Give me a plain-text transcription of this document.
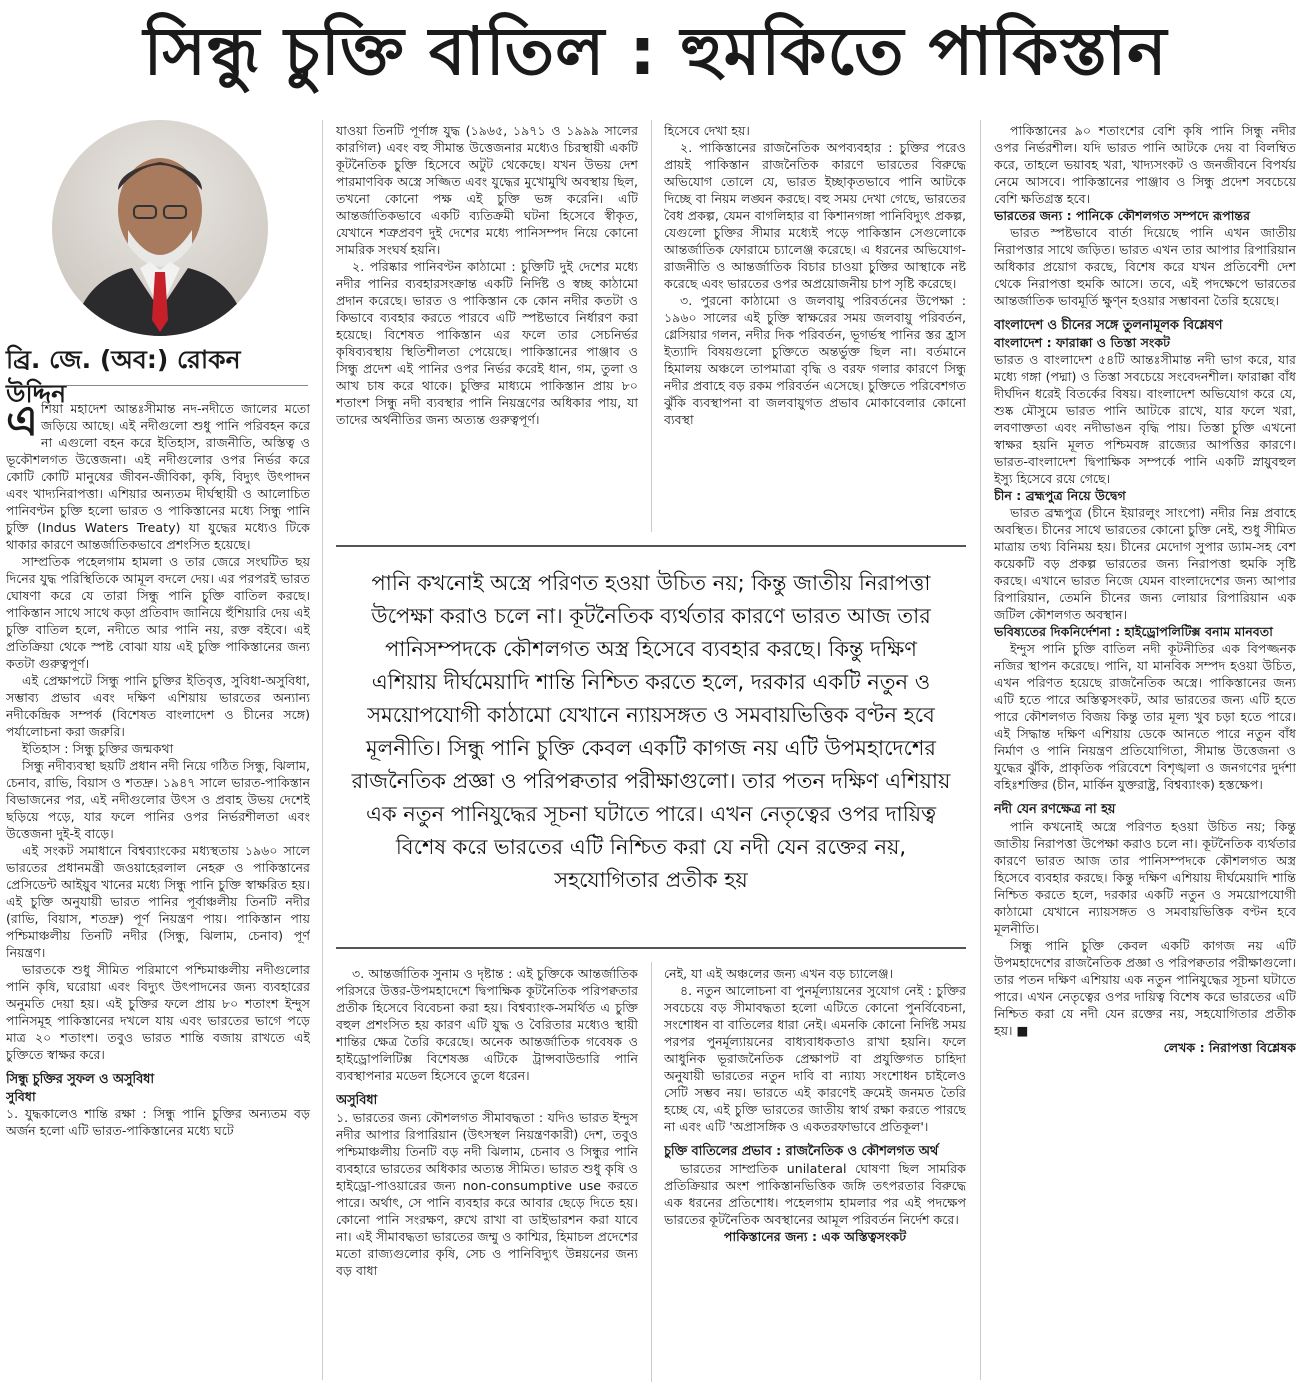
সিন্ধু চুক্তি বাতিল : হুমকিতে পাকিস্তান
ব্রি. জে. (অব:) রোকন উদ্দিন

এশিয়া মহাদেশ আন্তঃসীমান্ত নদ-নদীতে জালের মতো জড়িয়ে আছে। এই নদীগুলো শুধু পানি পরিবহন করে না এগুলো বহন করে ইতিহাস, রাজনীতি, অস্তিত্ব ও ভূকৌশলগত উত্তেজনা। এই নদীগুলোর ওপর নির্ভর করে কোটি কোটি মানুষের জীবন-জীবিকা, কৃষি, বিদ্যুৎ উৎপাদন এবং খাদ্যনিরাপত্তা। এশিয়ার অন্যতম দীর্ঘস্থায়ী ও আলোচিত পানিবণ্টন চুক্তি হলো ভারত ও পাকিস্তানের মধ্যে সিন্ধু পানি চুক্তি (Indus Waters Treaty) যা যুদ্ধের মধ্যেও টিকে থাকার কারণে আন্তর্জাতিকভাবে প্রশংসিত হয়েছে।

সাম্প্রতিক পহেলগাম হামলা ও তার জেরে সংঘটিত ছয় দিনের যুদ্ধ পরিস্থিতিকে আমূল বদলে দেয়। এর পরপরই ভারত ঘোষণা করে যে তারা সিন্ধু পানি চুক্তি বাতিল করছে। পাকিস্তান সাথে সাথে কড়া প্রতিবাদ জানিয়ে হুঁশিয়ারি দেয় এই চুক্তি বাতিল হলে, নদীতে আর পানি নয়, রক্ত বইবে। এই প্রতিক্রিয়া থেকে স্পষ্ট বোঝা যায় এই চুক্তি পাকিস্তানের জন্য কতটা গুরুত্বপূর্ণ।

এই প্রেক্ষাপটে সিন্ধু পানি চুক্তির ইতিবৃত্ত, সুবিধা-অসুবিধা, সম্ভাব্য প্রভাব এবং দক্ষিণ এশিয়ায় ভারতের অন্যান্য নদীকেন্দ্রিক সম্পর্ক (বিশেষত বাংলাদেশ ও চীনের সঙ্গে) পর্যালোচনা করা জরুরি।

ইতিহাস : সিন্ধু চুক্তির জন্মকথা

সিন্ধু নদীব্যবস্থা ছয়টি প্রধান নদী নিয়ে গঠিত সিন্ধু, ঝিলাম, চেনাব, রাভি, বিয়াস ও শতদ্রু। ১৯৪৭ সালে ভারত-পাকিস্তান বিভাজনের পর, এই নদীগুলোর উৎস ও প্রবাহ উভয় দেশেই ছড়িয়ে পড়ে, যার ফলে পানির ওপর নির্ভরশীলতা এবং উত্তেজনা দুই-ই বাড়ে।

এই সংকট সমাধানে বিশ্বব্যাংকের মধ্যস্থতায় ১৯৬০ সালে ভারতের প্রধানমন্ত্রী জওয়াহেরলাল নেহরু ও পাকিস্তানের প্রেসিডেন্ট আইয়ুব খানের মধ্যে সিন্ধু পানি চুক্তি স্বাক্ষরিত হয়। এই চুক্তি অনুযায়ী ভারত পানির পূর্বাঞ্চলীয় তিনটি নদীর (রাভি, বিয়াস, শতদ্রু) পূর্ণ নিয়ন্ত্রণ পায়। পাকিস্তান পায় পশ্চিমাঞ্চলীয় তিনটি নদীর (সিন্ধু, ঝিলাম, চেনাব) পূর্ণ নিয়ন্ত্রণ।

ভারতকে শুধু সীমিত পরিমাণে পশ্চিমাঞ্চলীয় নদীগুলোর পানি কৃষি, ঘরোয়া এবং বিদ্যুৎ উৎপাদনের জন্য ব্যবহারের অনুমতি দেয়া হয়। এই চুক্তির ফলে প্রায় ৮০ শতাংশ ইন্দুস পানিসমূহ পাকিস্তানের দখলে যায় এবং ভারতের ভাগে পড়ে মাত্র ২০ শতাংশ। তবুও ভারত শান্তি বজায় রাখতে এই চুক্তিতে স্বাক্ষর করে।

সিন্ধু চুক্তির সুফল ও অসুবিধা

সুবিধা

১. যুদ্ধকালেও শান্তি রক্ষা : সিন্ধু পানি চুক্তির অন্যতম বড় অর্জন হলো এটি ভারত-পাকিস্তানের মধ্যে ঘটে

যাওয়া তিনটি পূর্ণাঙ্গ যুদ্ধ (১৯৬৫, ১৯৭১ ও ১৯৯৯ সালের কারগিল) এবং বহু সীমান্ত উত্তেজনার মধ্যেও চিরস্থায়ী একটি কূটনৈতিক চুক্তি হিসেবে অটুট থেকেছে। যখন উভয় দেশ পারমাণবিক অস্ত্রে সজ্জিত এবং যুদ্ধের মুখোমুখি অবস্থায় ছিল, তখনো কোনো পক্ষ এই চুক্তি ভঙ্গ করেনি। এটি আন্তর্জাতিকভাবে একটি ব্যতিক্রমী ঘটনা হিসেবে স্বীকৃত, যেখানে শত্রুপ্রবণ দুই দেশের মধ্যে পানিসম্পদ নিয়ে কোনো সামরিক সংঘর্ষ হয়নি।

২. পরিষ্কার পানিবণ্টন কাঠামো : চুক্তিটি দুই দেশের মধ্যে নদীর পানির ব্যবহারসংক্রান্ত একটি নির্দিষ্ট ও স্বচ্ছ কাঠামো প্রদান করেছে। ভারত ও পাকিস্তান কে কোন নদীর কতটা ও কিভাবে ব্যবহার করতে পারবে এটি স্পষ্টভাবে নির্ধারণ করা হয়েছে। বিশেষত পাকিস্তান এর ফলে তার সেচনির্ভর কৃষিব্যবস্থায় স্থিতিশীলতা পেয়েছে। পাকিস্তানের পাঞ্জাব ও সিন্ধু প্রদেশ এই পানির ওপর নির্ভর করেই ধান, গম, তুলা ও আখ চাষ করে থাকে। চুক্তির মাধ্যমে পাকিস্তান প্রায় ৮০ শতাংশ সিন্ধু নদী ব্যবস্থার পানি নিয়ন্ত্রণের অধিকার পায়, যা তাদের অর্থনীতির জন্য অত্যন্ত গুরুত্বপূর্ণ।

হিসেবে দেখা হয়।

২. পাকিস্তানের রাজনৈতিক অপব্যবহার : চুক্তির পরেও প্রায়ই পাকিস্তান রাজনৈতিক কারণে ভারতের বিরুদ্ধে অভিযোগ তোলে যে, ভারত ইচ্ছাকৃতভাবে পানি আটকে দিচ্ছে বা নিয়ম লঙ্ঘন করছে। বহু সময় দেখা গেছে, ভারতের বৈধ প্রকল্প, যেমন বাগলিহার বা কিশানগঙ্গা পানিবিদ্যুৎ প্রকল্প, যেগুলো চুক্তির সীমার মধ্যেই পড়ে পাকিস্তান সেগুলোকে আন্তর্জাতিক ফোরামে চ্যালেঞ্জ করেছে। এ ধরনের অভিযোগ-রাজনীতি ও আন্তর্জাতিক বিচার চাওয়া চুক্তির আস্থাকে নষ্ট করেছে এবং ভারতের ওপর অপ্রয়োজনীয় চাপ সৃষ্টি করেছে।

৩. পুরনো কাঠামো ও জলবায়ু পরিবর্তনের উপেক্ষা : ১৯৬০ সালের এই চুক্তি স্বাক্ষরের সময় জলবায়ু পরিবর্তন, গ্লেসিয়ার গলন, নদীর দিক পরিবর্তন, ভূগর্ভস্থ পানির স্তর হ্রাস ইত্যাদি বিষয়গুলো চুক্তিতে অন্তর্ভুক্ত ছিল না। বর্তমানে হিমালয় অঞ্চলে তাপমাত্রা বৃদ্ধি ও বরফ গলার কারণে সিন্ধু নদীর প্রবাহে বড় রকম পরিবর্তন এসেছে। চুক্তিতে পরিবেশগত ঝুঁকি ব্যবস্থাপনা বা জলবায়ুগত প্রভাব মোকাবেলার কোনো ব্যবস্থা

পানি কখনোই অস্ত্রে পরিণত হওয়া উচিত নয়; কিন্তু জাতীয় নিরাপত্তা উপেক্ষা করাও চলে না। কূটনৈতিক ব্যর্থতার কারণে ভারত আজ তার পানিসম্পদকে কৌশলগত অস্ত্র হিসেবে ব্যবহার করছে। কিন্তু দক্ষিণ এশিয়ায় দীর্ঘমেয়াদি শান্তি নিশ্চিত করতে হলে, দরকার একটি নতুন ও সময়োপযোগী কাঠামো যেখানে ন্যায়সঙ্গত ও সমবায়ভিত্তিক বণ্টন হবে মূলনীতি। সিন্ধু পানি চুক্তি কেবল একটি কাগজ নয় এটি উপমহাদেশের রাজনৈতিক প্রজ্ঞা ও পরিপক্বতার পরীক্ষাগুলো। তার পতন দক্ষিণ এশিয়ায় এক নতুন পানিযুদ্ধের সূচনা ঘটাতে পারে। এখন নেতৃত্বের ওপর দায়িত্ব বিশেষ করে ভারতের এটি নিশ্চিত করা যে নদী যেন রক্তের নয়, সহযোগিতার প্রতীক হয়

৩. আন্তর্জাতিক সুনাম ও দৃষ্টান্ত : এই চুক্তিকে আন্তর্জাতিক পরিসরে উত্তর-উপমহাদেশে দ্বিপাক্ষিক কূটনৈতিক পরিপক্বতার প্রতীক হিসেবে বিবেচনা করা হয়। বিশ্বব্যাংক-সমর্থিত এ চুক্তি বহুল প্রশংসিত হয় কারণ এটি যুদ্ধ ও বৈরিতার মধ্যেও স্থায়ী শান্তির ক্ষেত্র তৈরি করেছে। অনেক আন্তর্জাতিক গবেষক ও হাইড্রোপলিটিক্স বিশেষজ্ঞ এটিকে ট্রান্সবাউন্ডারি পানি ব্যবস্থাপনার মডেল হিসেবে তুলে ধরেন।

অসুবিধা

১. ভারতের জন্য কৌশলগত সীমাবদ্ধতা : যদিও ভারত ইন্দুস নদীর আপার রিপারিয়ান (উৎসস্থল নিয়ন্ত্রণকারী) দেশ, তবুও পশ্চিমাঞ্চলীয় তিনটি বড় নদী ঝিলাম, চেনাব ও সিন্ধুর পানি ব্যবহারে ভারতের অধিকার অত্যন্ত সীমিত। ভারত শুধু কৃষি ও হাইড্রো-পাওয়ারের জন্য non-consumptive use করতে পারে। অর্থাৎ, সে পানি ব্যবহার করে আবার ছেড়ে দিতে হয়। কোনো পানি সংরক্ষণ, রুখে রাখা বা ডাইভারশন করা যাবে না। এই সীমাবদ্ধতা ভারতের জম্মু ও কাশ্মির, হিমাচল প্রদেশের মতো রাজ্যগুলোর কৃষি, সেচ ও পানিবিদ্যুৎ উন্নয়নের জন্য বড় বাধা

নেই, যা এই অঞ্চলের জন্য এখন বড় চ্যালেঞ্জ।

৪. নতুন আলোচনা বা পুনর্মূল্যায়নের সুযোগ নেই : চুক্তির সবচেয়ে বড় সীমাবদ্ধতা হলো এটিতে কোনো পুনর্বিবেচনা, সংশোধন বা বাতিলের ধারা নেই। এমনকি কোনো নির্দিষ্ট সময় পরপর পুনর্মূল্যায়নের বাধ্যবাধকতাও রাখা হয়নি। ফলে আধুনিক ভূরাজনৈতিক প্রেক্ষাপট বা প্রযুক্তিগত চাহিদা অনুযায়ী ভারতের নতুন দাবি বা ন্যায্য সংশোধন চাইলেও সেটি সম্ভব নয়। ভারতে এই কারণেই ক্রমেই জনমত তৈরি হচ্ছে যে, এই চুক্তি ভারতের জাতীয় স্বার্থ রক্ষা করতে পারছে না এবং এটি 'অপ্রাসঙ্গিক ও একতরফাভাবে প্রতিকূল'।

চুক্তি বাতিলের প্রভাব : রাজনৈতিক ও কৌশলগত অর্থ

ভারতের সাম্প্রতিক unilateral ঘোষণা ছিল সামরিক প্রতিক্রিয়ার অংশ পাকিস্তানভিত্তিক জঙ্গি তৎপরতার বিরুদ্ধে এক ধরনের প্রতিশোধ। পহেলগাম হামলার পর এই পদক্ষেপ ভারতের কূটনৈতিক অবস্থানের আমূল পরিবর্তন নির্দেশ করে।

পাকিস্তানের জন্য : এক অস্তিত্বসংকট

পাকিস্তানের ৯০ শতাংশের বেশি কৃষি পানি সিন্ধু নদীর ওপর নির্ভরশীল। যদি ভারত পানি আটকে দেয় বা বিলম্বিত করে, তাহলে ভয়াবহ খরা, খাদ্যসংকট ও জনজীবনে বিপর্যয় নেমে আসবে। পাকিস্তানের পাঞ্জাব ও সিন্ধু প্রদেশ সবচেয়ে বেশি ক্ষতিগ্রস্ত হবে।

ভারতের জন্য : পানিকে কৌশলগত সম্পদে রূপান্তর

ভারত স্পষ্টভাবে বার্তা দিয়েছে পানি এখন জাতীয় নিরাপত্তার সাথে জড়িত। ভারত এখন তার আপার রিপারিয়ান অধিকার প্রয়োগ করছে, বিশেষ করে যখন প্রতিবেশী দেশ থেকে নিরাপত্তা হুমকি আসে। তবে, এই পদক্ষেপে ভারতের আন্তর্জাতিক ভাবমূর্তি ক্ষুণ্ন হওয়ার সম্ভাবনা তৈরি হয়েছে।

বাংলাদেশ ও চীনের সঙ্গে তুলনামূলক বিশ্লেষণ

বাংলাদেশ : ফারাক্কা ও তিস্তা সংকট

ভারত ও বাংলাদেশ ৫৪টি আন্তঃসীমান্ত নদী ভাগ করে, যার মধ্যে গঙ্গা (পদ্মা) ও তিস্তা সবচেয়ে সংবেদনশীল। ফারাক্কা বাঁধ দীর্ঘদিন ধরেই বিতর্কের বিষয়। বাংলাদেশ অভিযোগ করে যে, শুষ্ক মৌসুমে ভারত পানি আটকে রাখে, যার ফলে খরা, লবণাক্ততা এবং নদীভাঙন বৃদ্ধি পায়। তিস্তা চুক্তি এখনো স্বাক্ষর হয়নি মূলত পশ্চিমবঙ্গ রাজ্যের আপত্তির কারণে। ভারত-বাংলাদেশ দ্বিপাক্ষিক সম্পর্কে পানি একটি স্নায়ুবহুল ইস্যু হিসেবে রয়ে গেছে।

চীন : ব্রহ্মপুত্র নিয়ে উদ্বেগ

ভারত ব্রহ্মপুত্র (চীনে ইয়ারলুং সাংপো) নদীর নিম্ন প্রবাহে অবস্থিত। চীনের সাথে ভারতের কোনো চুক্তি নেই, শুধু সীমিত মাত্রায় তথ্য বিনিময় হয়। চীনের মেদোগ সুপার ড্যাম-সহ বেশ কয়েকটি বড় প্রকল্প ভারতের জন্য নিরাপত্তা হুমকি সৃষ্টি করছে। এখানে ভারত নিজে যেমন বাংলাদেশের জন্য আপার রিপারিয়ান, তেমনি চীনের জন্য লোয়ার রিপারিয়ান এক জটিল কৌশলগত অবস্থান।

ভবিষ্যতের দিকনির্দেশনা : হাইড্রোপলিটিক্স বনাম মানবতা

ইন্দুস পানি চুক্তি বাতিল নদী কূটনীতির এক বিপজ্জনক নজির স্থাপন করেছে। পানি, যা মানবিক সম্পদ হওয়া উচিত, এখন পরিণত হয়েছে রাজনৈতিক অস্ত্রে। পাকিস্তানের জন্য এটি হতে পারে অস্তিত্বসংকট, আর ভারতের জন্য এটি হতে পারে কৌশলগত বিজয় কিন্তু তার মূল্য খুব চড়া হতে পারে। এই সিদ্ধান্ত দক্ষিণ এশিয়ায় ডেকে আনতে পারে নতুন বাঁধ নির্মাণ ও পানি নিয়ন্ত্রণ প্রতিযোগিতা, সীমান্ত উত্তেজনা ও যুদ্ধের ঝুঁকি, প্রাকৃতিক পরিবেশে বিশৃঙ্খলা ও জনগণের দুর্দশা বহিঃশক্তির (চীন, মার্কিন যুক্তরাষ্ট্র, বিশ্বব্যাংক) হস্তক্ষেপ।

নদী যেন রণক্ষেত্র না হয়

পানি কখনোই অস্ত্রে পরিণত হওয়া উচিত নয়; কিন্তু জাতীয় নিরাপত্তা উপেক্ষা করাও চলে না। কূটনৈতিক ব্যর্থতার কারণে ভারত আজ তার পানিসম্পদকে কৌশলগত অস্ত্র হিসেবে ব্যবহার করছে। কিন্তু দক্ষিণ এশিয়ায় দীর্ঘমেয়াদি শান্তি নিশ্চিত করতে হলে, দরকার একটি নতুন ও সময়োপযোগী কাঠামো যেখানে ন্যায়সঙ্গত ও সমবায়ভিত্তিক বণ্টন হবে মূলনীতি।

সিন্ধু পানি চুক্তি কেবল একটি কাগজ নয় এটি উপমহাদেশের রাজনৈতিক প্রজ্ঞা ও পরিপক্বতার পরীক্ষাগুলো। তার পতন দক্ষিণ এশিয়ায় এক নতুন পানিযুদ্ধের সূচনা ঘটাতে পারে। এখন নেতৃত্বের ওপর দায়িত্ব বিশেষ করে ভারতের এটি নিশ্চিত করা যে নদী যেন রক্তের নয়, সহযোগিতার প্রতীক হয়। ■

লেখক : নিরাপত্তা বিশ্লেষক
